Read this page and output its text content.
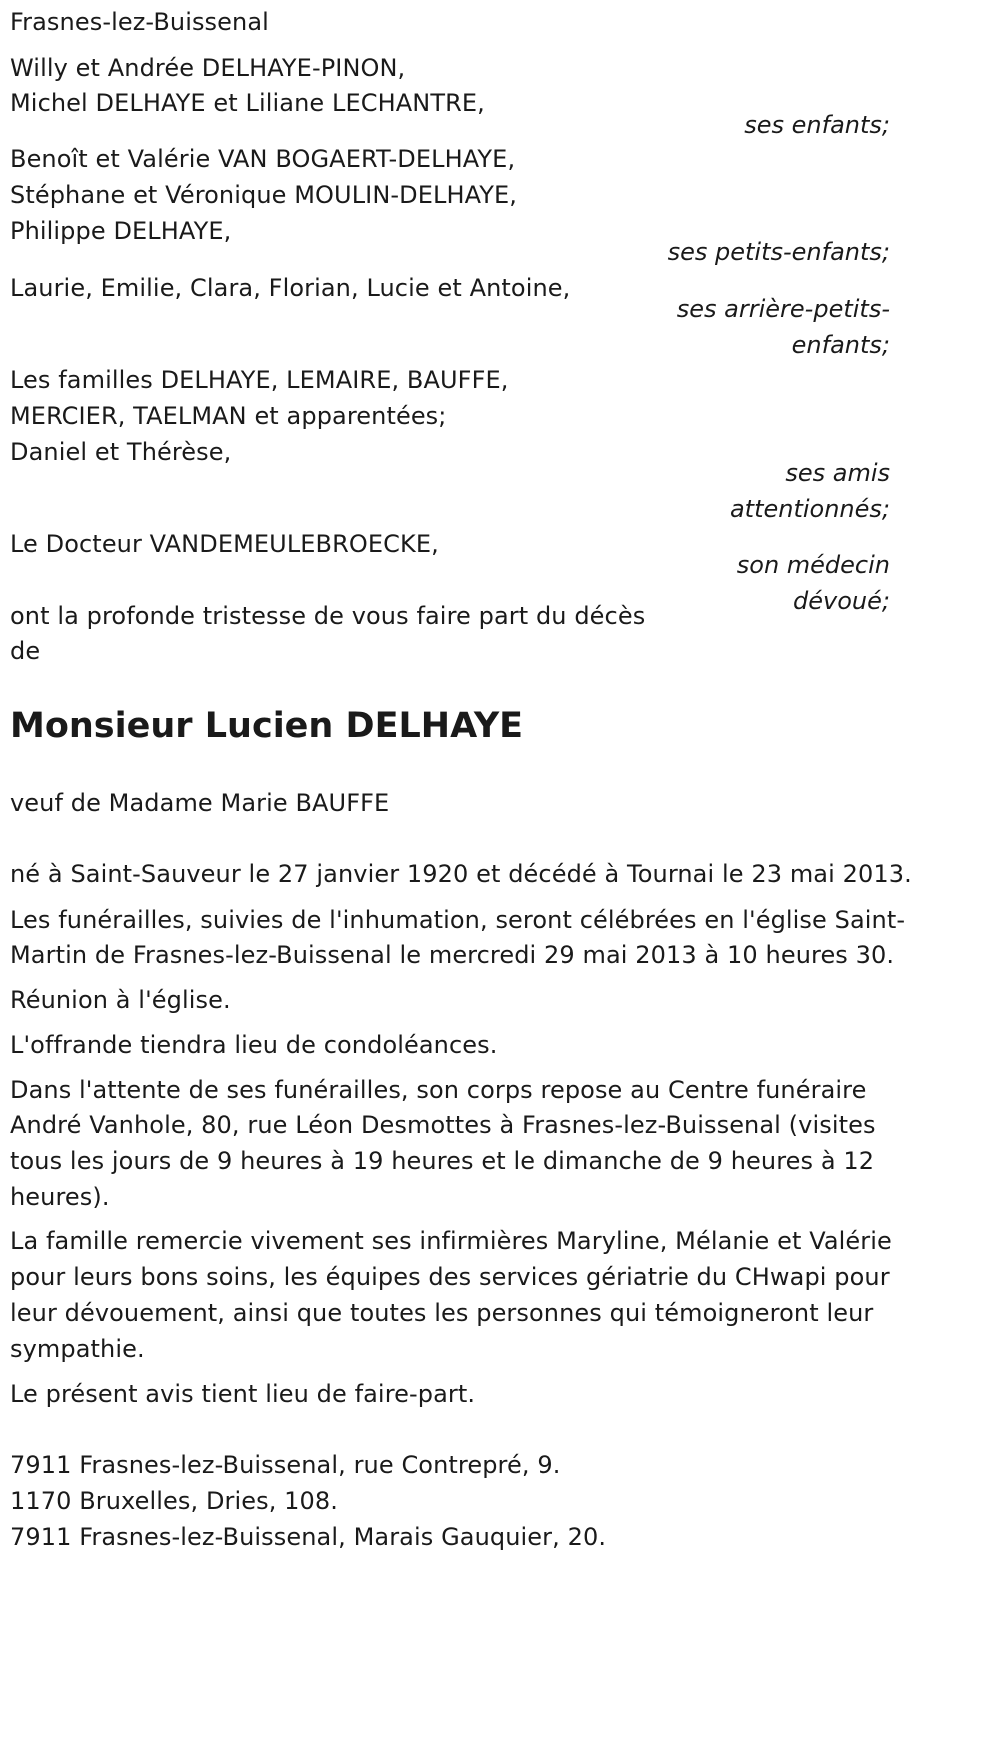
Frasnes-lez-Buissenal
Willy et Andrée DELHAYE-PINON,
Michel DELHAYE et Liliane LECHANTRE,
ses enfants;
Benoît et Valérie VAN BOGAERT-DELHAYE,
Stéphane et Véronique MOULIN-DELHAYE,
Philippe DELHAYE,
ses petits-enfants;
Laurie, Emilie, Clara, Florian, Lucie et Antoine,
ses arrière-petits-
enfants;
Les familles DELHAYE, LEMAIRE, BAUFFE,
MERCIER, TAELMAN et apparentées;
Daniel et Thérèse,
ses amis
attentionnés;
Le Docteur VANDEMEULEBROECKE,
son médecin
dévoué;
ont la profonde tristesse de vous faire part du décès
de
Monsieur Lucien DELHAYE
veuf de Madame Marie BAUFFE
né à Saint-Sauveur le 27 janvier 1920 et décédé à Tournai le 23 mai 2013.
Les funérailles, suivies de l'inhumation, seront célébrées en l'église Saint-
Martin de Frasnes-lez-Buissenal le mercredi 29 mai 2013 à 10 heures 30.
Réunion à l'église.
L'offrande tiendra lieu de condoléances.
Dans l'attente de ses funérailles, son corps repose au Centre funéraire
André Vanhole, 80, rue Léon Desmottes à Frasnes-lez-Buissenal (visites
tous les jours de 9 heures à 19 heures et le dimanche de 9 heures à 12
heures).
La famille remercie vivement ses infirmières Maryline, Mélanie et Valérie
pour leurs bons soins, les équipes des services gériatrie du CHwapi pour
leur dévouement, ainsi que toutes les personnes qui témoigneront leur
sympathie.
Le présent avis tient lieu de faire-part.
7911 Frasnes-lez-Buissenal, rue Contrepré, 9.
1170 Bruxelles, Dries, 108.
7911 Frasnes-lez-Buissenal, Marais Gauquier, 20.
